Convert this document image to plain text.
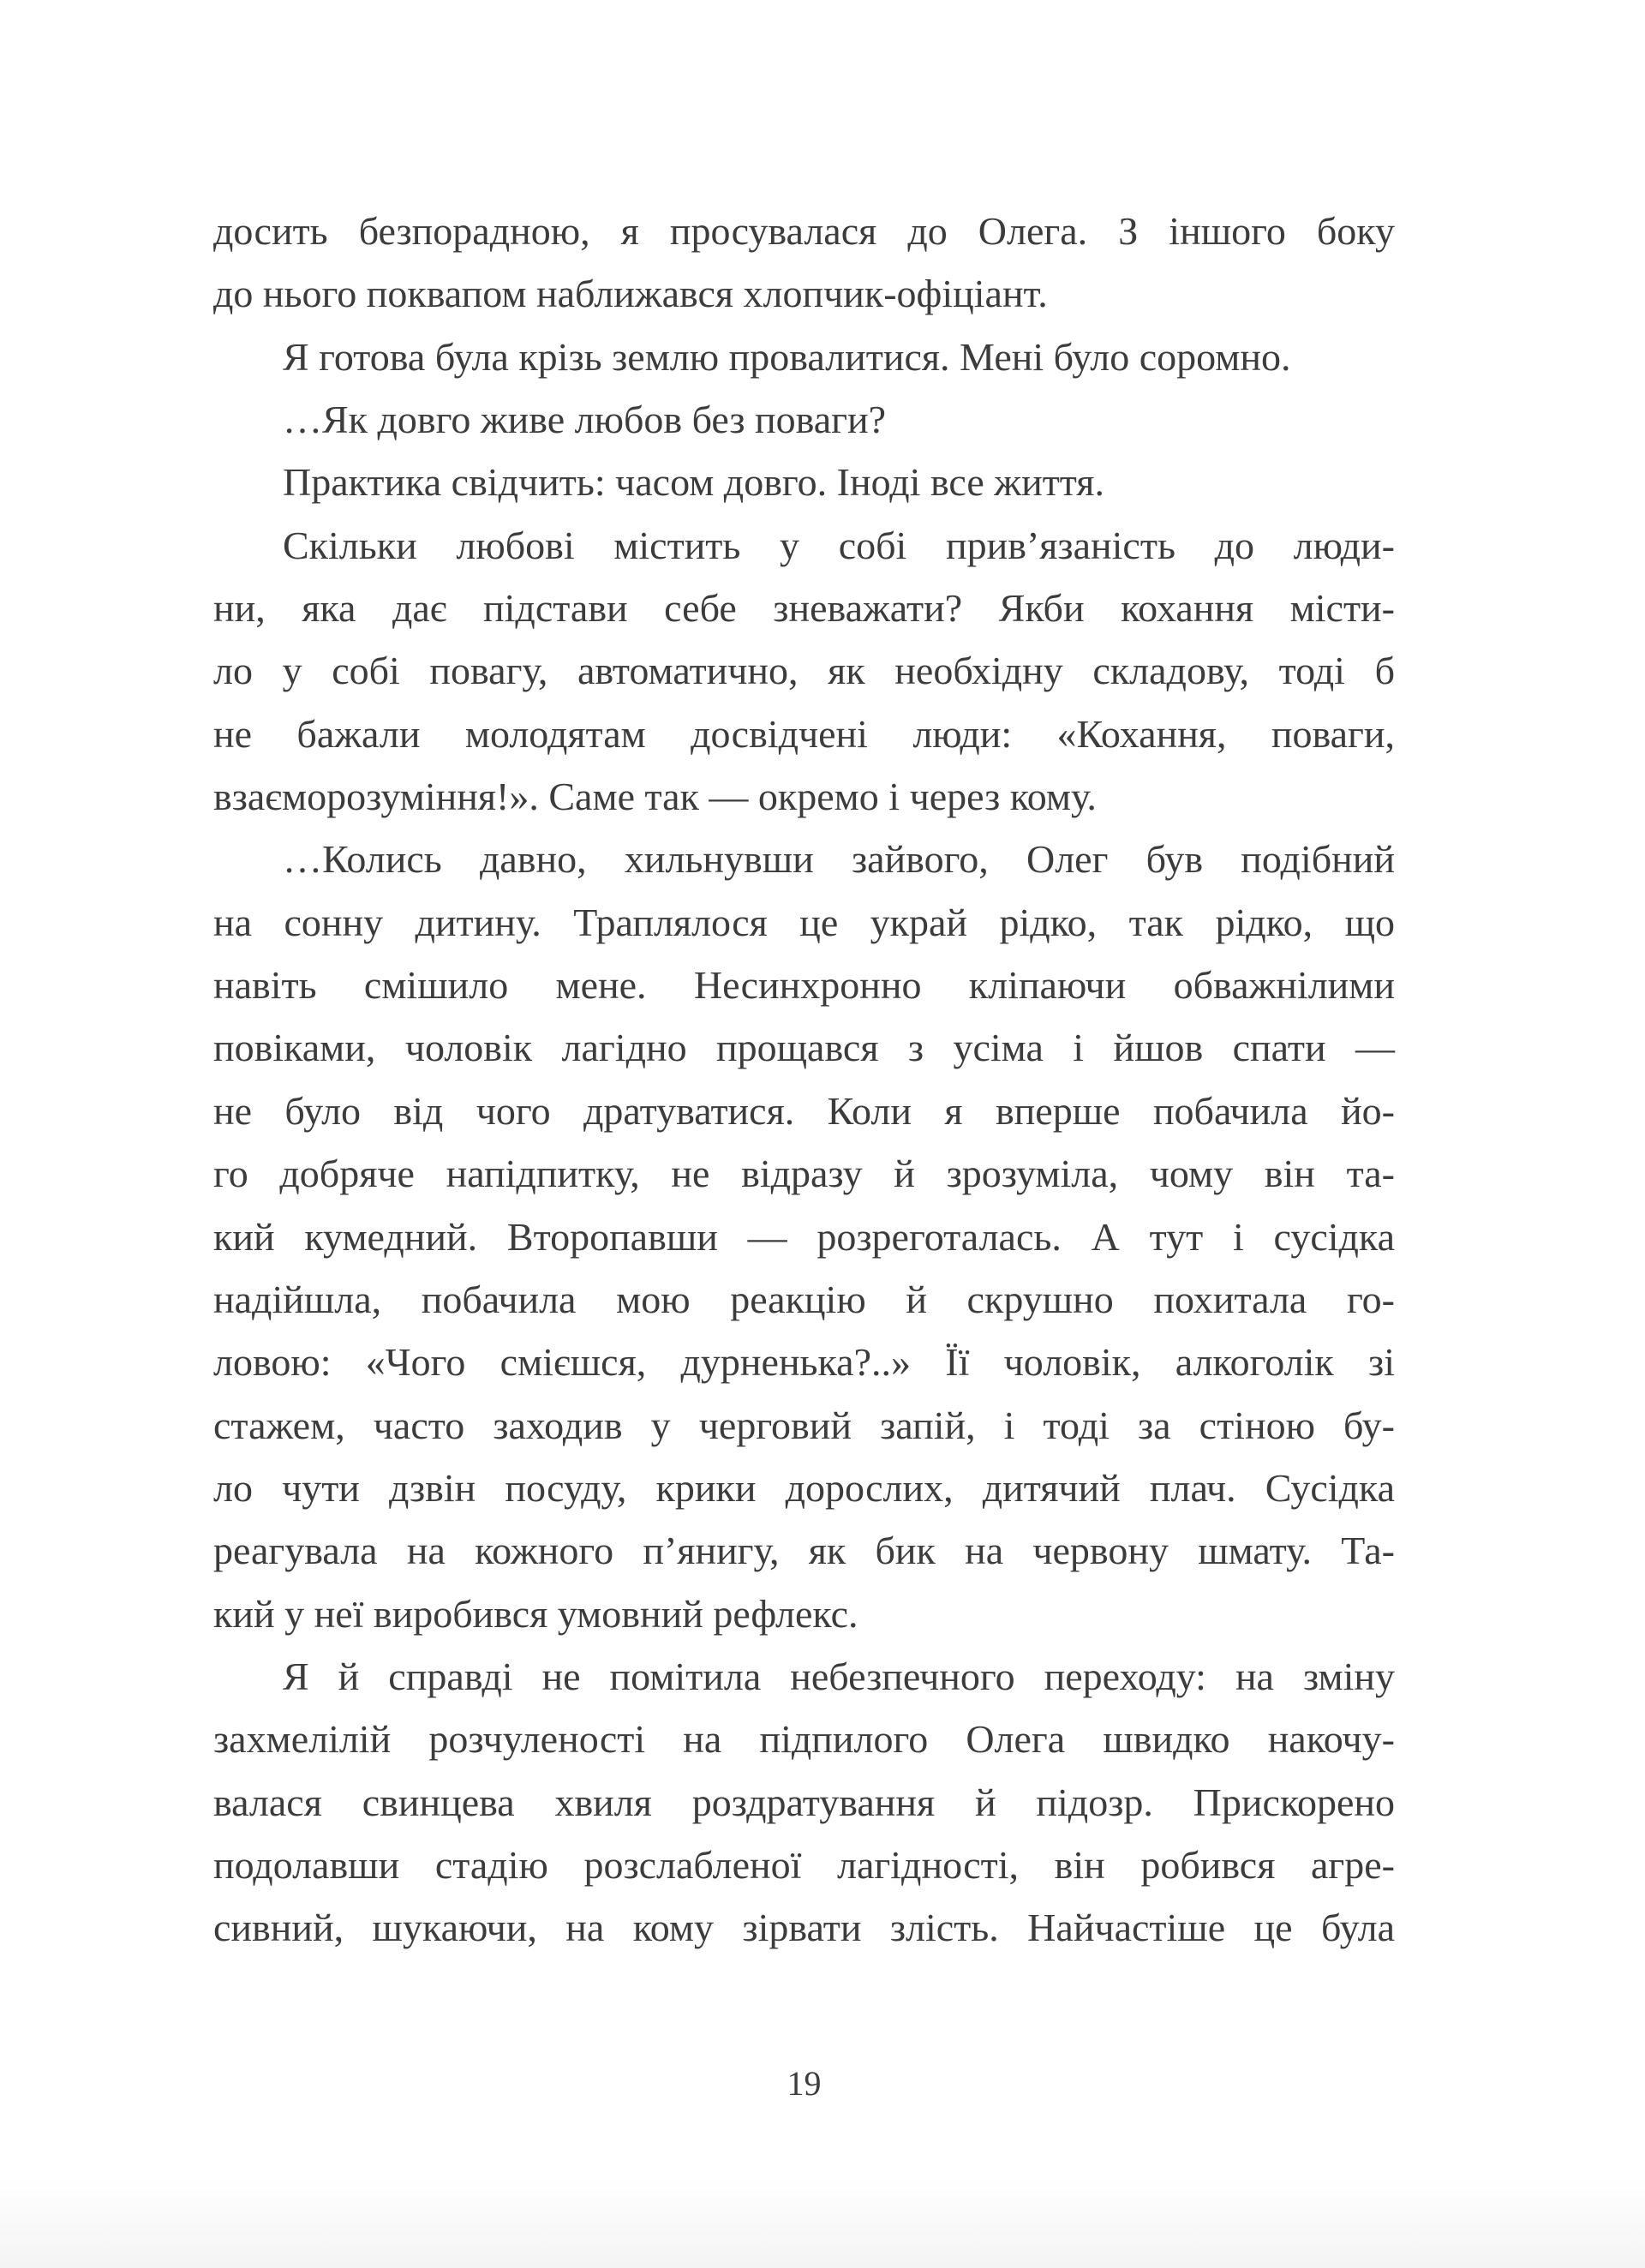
досить безпорадною, я просувалася до Олега. З іншого боку
до нього поквапом наближався хлопчик-офіціант.
Я готова була крізь землю провалитися. Мені було соромно.
…Як довго живе любов без поваги?
Практика свідчить: часом довго. Іноді все життя.
Скільки любові містить у собі прив’язаність до люди-
ни, яка дає підстави себе зневажати? Якби кохання місти-
ло у собі повагу, автоматично, як необхідну складову, тоді б
не бажали молодятам досвідчені люди: «Кохання, поваги,
взаєморозуміння!». Саме так — окремо і через кому.
…Колись давно, хильнувши зайвого, Олег був подібний
на сонну дитину. Траплялося це украй рідко, так рідко, що
навіть смішило мене. Несинхронно кліпаючи обважнілими
повіками, чоловік лагідно прощався з усіма і йшов спати —
не було від чого дратуватися. Коли я вперше побачила йо-
го добряче напідпитку, не відразу й зрозуміла, чому він та-
кий кумедний. Второпавши — розреготалась. А тут і сусідка
надійшла, побачила мою реакцію й скрушно похитала го-
ловою: «Чого смієшся, дурненька?..» Її чоловік, алкоголік зі
стажем, часто заходив у черговий запій, і тоді за стіною бу-
ло чути дзвін посуду, крики дорослих, дитячий плач. Сусідка
реагувала на кожного п’янигу, як бик на червону шмату. Та-
кий у неї виробився умовний рефлекс.
Я й справді не помітила небезпечного переходу: на зміну
захмелілій розчуленості на підпилого Олега швидко накочу-
валася свинцева хвиля роздратування й підозр. Прискорено
подолавши стадію розслабленої лагідності, він робився агре-
сивний, шукаючи, на кому зірвати злість. Найчастіше це була
19
